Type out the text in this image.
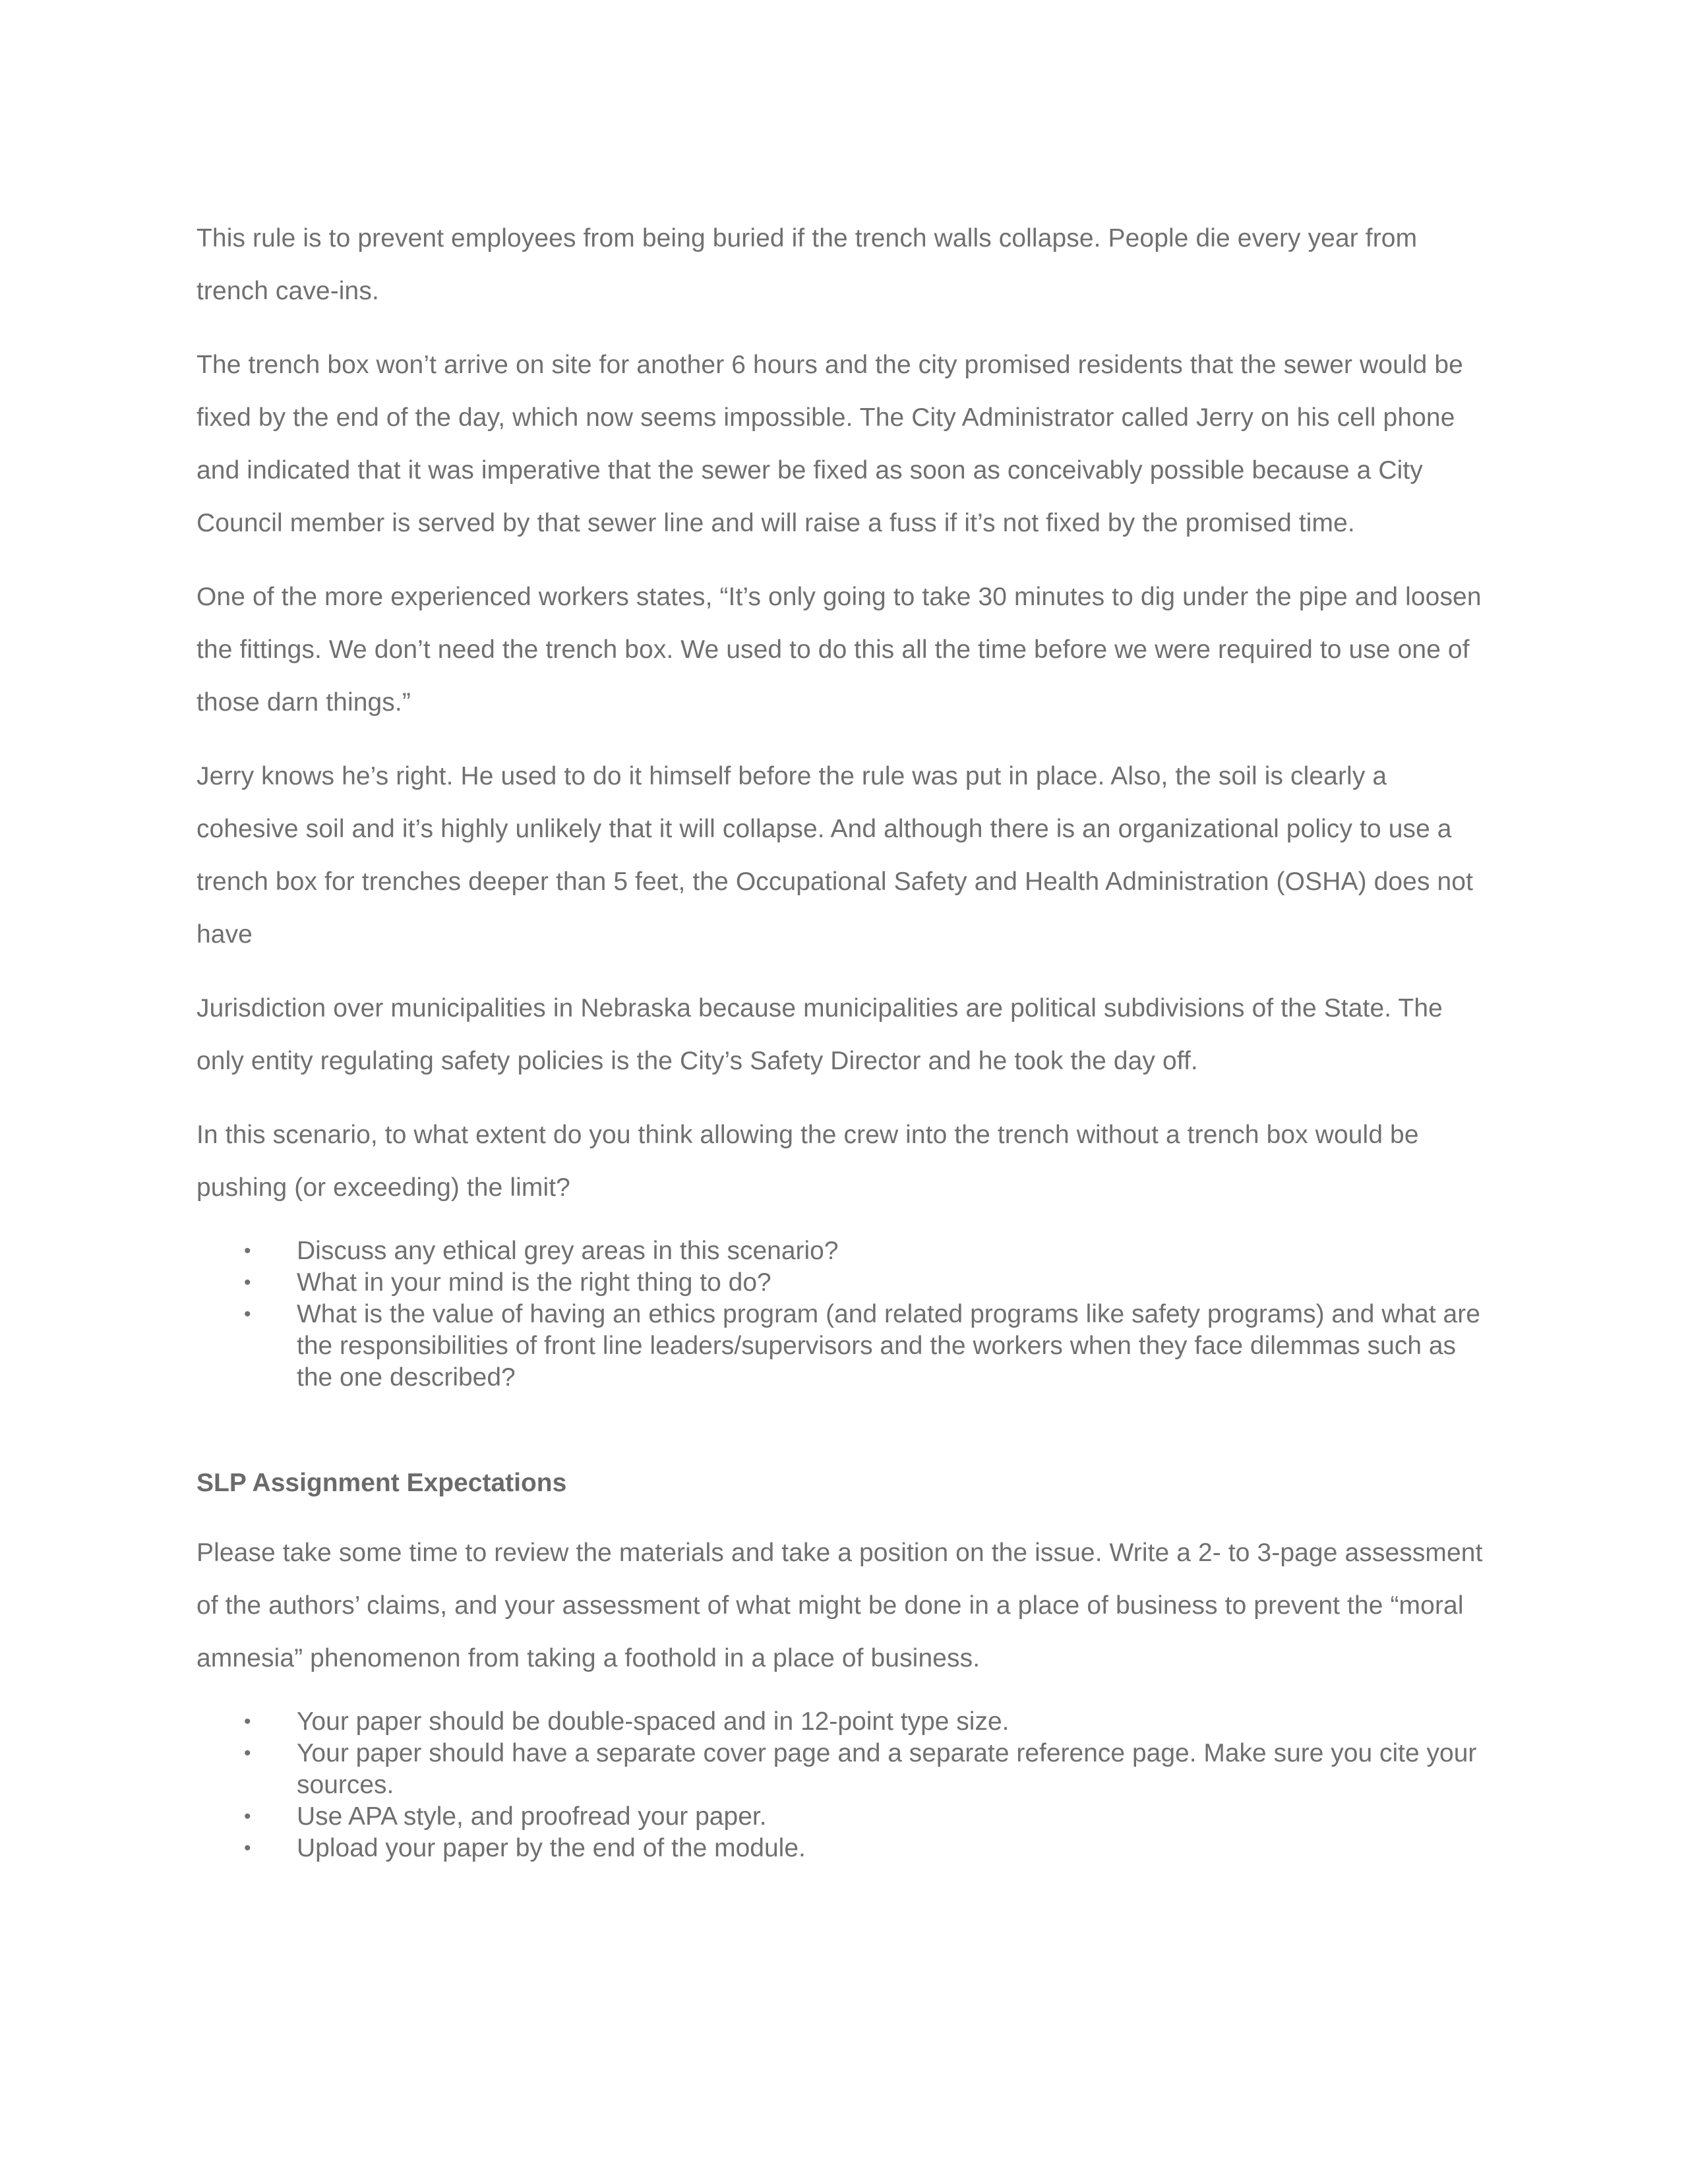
This rule is to prevent employees from being buried if the trench walls collapse. People die every year from trench cave-ins.

The trench box won’t arrive on site for another 6 hours and the city promised residents that the sewer would be fixed by the end of the day, which now seems impossible. The City Administrator called Jerry on his cell phone and indicated that it was imperative that the sewer be fixed as soon as conceivably possible because a City Council member is served by that sewer line and will raise a fuss if it’s not fixed by the promised time.

One of the more experienced workers states, “It’s only going to take 30 minutes to dig under the pipe and loosen the fittings. We don’t need the trench box. We used to do this all the time before we were required to use one of those darn things.”

Jerry knows he’s right. He used to do it himself before the rule was put in place. Also, the soil is clearly a cohesive soil and it’s highly unlikely that it will collapse. And although there is an organizational policy to use a trench box for trenches deeper than 5 feet, the Occupational Safety and Health Administration (OSHA) does not have

Jurisdiction over municipalities in Nebraska because municipalities are political subdivisions of the State. The only entity regulating safety policies is the City’s Safety Director and he took the day off.

In this scenario, to what extent do you think allowing the crew into the trench without a trench box would be pushing (or exceeding) the limit?

• Discuss any ethical grey areas in this scenario?
• What in your mind is the right thing to do?
• What is the value of having an ethics program (and related programs like safety programs) and what are the responsibilities of front line leaders/supervisors and the workers when they face dilemmas such as the one described?
SLP Assignment Expectations

Please take some time to review the materials and take a position on the issue. Write a 2- to 3-page assessment of the authors’ claims, and your assessment of what might be done in a place of business to prevent the “moral amnesia” phenomenon from taking a foothold in a place of business.

• Your paper should be double-spaced and in 12-point type size.
• Your paper should have a separate cover page and a separate reference page. Make sure you cite your sources.
• Use APA style, and proofread your paper.
• Upload your paper by the end of the module.
